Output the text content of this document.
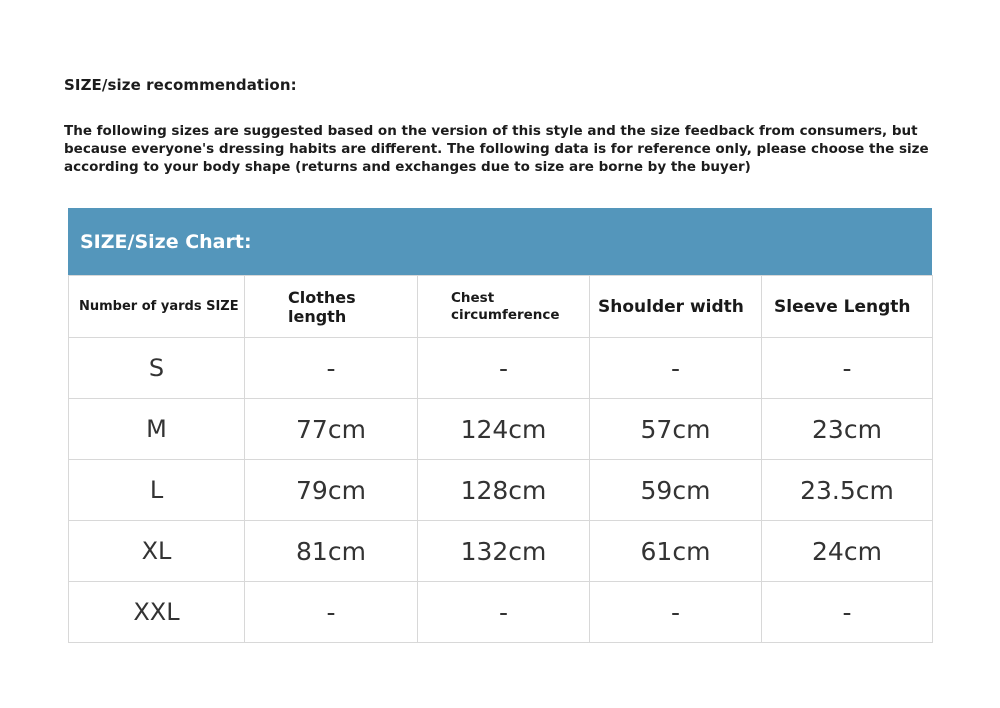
SIZE/size recommendation:

The following sizes are suggested based on the version of this style and the size feedback from consumers, but because everyone's dressing habits are different. The following data is for reference only, please choose the size according to your body shape (returns and exchanges due to size are borne by the buyer)

SIZE/Size Chart:
Number of yards SIZE	Clothes length	Chest circumference	Shoulder width	Sleeve Length
S	-	-	-	-
M	77cm	124cm	57cm	23cm
L	79cm	128cm	59cm	23.5cm
XL	81cm	132cm	61cm	24cm
XXL	-	-	-	-
